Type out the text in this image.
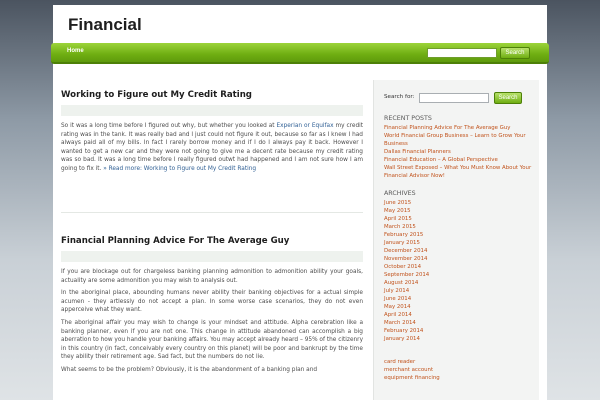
Financial
Home	Search
Working to Figure out My Credit Rating

So it was a long time before I figured out why, but whether you looked at Experian or Equifax my credit rating was in the tank. It was really bad and I just could not figure it out, because so far as I knew I had always paid all of my bills. In fact I rarely borrow money and if I do I always pay it back. However I wanted to get a new car and they were not going to give me a decent rate because my credit rating was so bad. It was a long time before I really figured outwt had happened and I am not sure how I am going to fix it. » Read more: Working to Figure out My Credit Rating

Financial Planning Advice For The Average Guy

If you are blockage out for chargeless banking planning admonition to admonition ability your goals, actuality are some admonition you may wish to analysis out.

In the aboriginal place, abounding humans never ability their banking objectives for a actual simple acumen - they artlessly do not accept a plan. In some worse case scenarios, they do not even apperceive what they want.

The aboriginal affair you may wish to change is your mindset and attitude. Alpha cerebration like a banking planner, even if you are not one. This change in attitude abandoned can accomplish a big aberration to how you handle your banking affairs. You may accept already heard – 95% of the citizenry in this country (in fact, conceivably every country on this planet) will be poor and bankrupt by the time they ability their retirement age. Sad fact, but the numbers do not lie.

What seems to be the problem? Obviously, it is the abandonment of a banking plan and

Search for:	Search
RECENT POSTS
Financial Planning Advice For The Average Guy
World Financial Group Business – Learn to Grow Your Business
Dallas Financial Planners
Financial Education – A Global Perspective
Wall Street Exposed – What You Must Know About Your Financial Advisor Now!
ARCHIVES
June 2015
May 2015
April 2015
March 2015
February 2015
January 2015
December 2014
November 2014
October 2014
September 2014
August 2014
July 2014
June 2014
May 2014
April 2014
March 2014
February 2014
January 2014
card reader
merchant account
equipment financing
